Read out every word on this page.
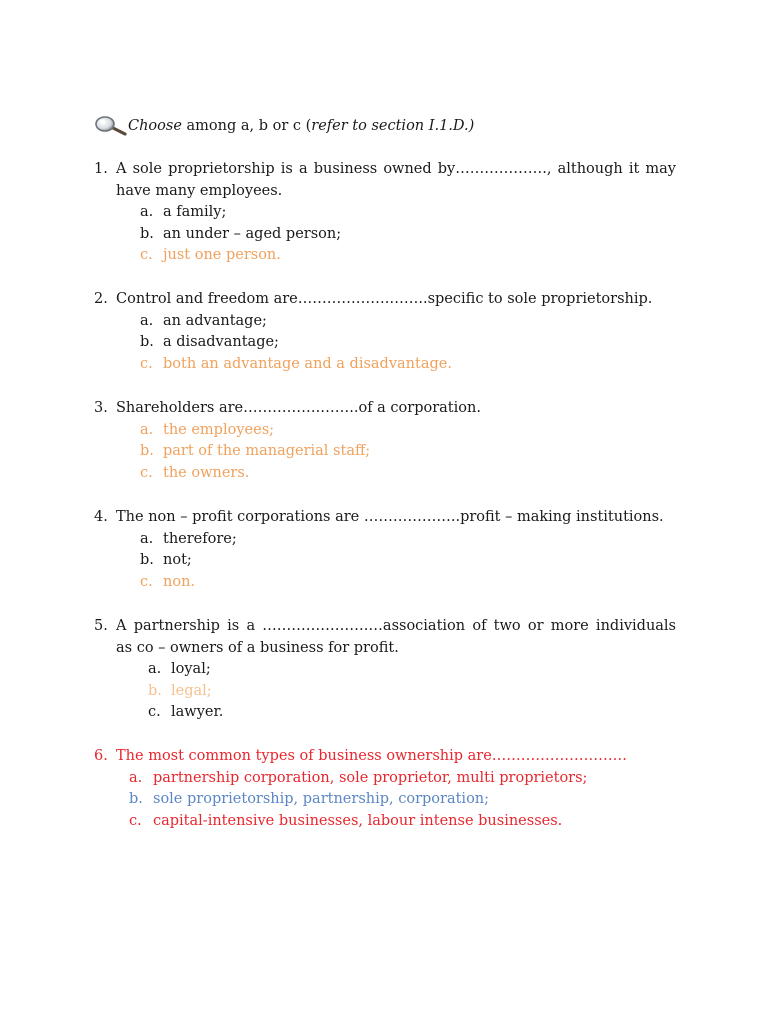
Choose among a, b or c (refer to section I.1.D.)
1. A sole proprietorship is a business owned by………………., although it may
have many employees.
a. a family;
b. an under – aged person;
c. just one person.
2. Control and freedom are……………….……..specific to sole proprietorship.
a. an advantage;
b. a disadvantage;
c. both an advantage and a disadvantage.
3. Shareholders are…………….……..of a corporation.
a. the employees;
b. part of the managerial staff;
c. the owners.
4. The non – profit corporations are ………………..profit – making institutions.
a. therefore;
b. not;
c. non.
5. A partnership is a ………………….…association of two or more individuals
as co – owners of a business for profit.
a. loyal;
b. legal;
c. lawyer.
6. The most common types of business ownership are……………………….
a. partnership corporation, sole proprietor, multi proprietors;
b. sole proprietorship, partnership, corporation;
c. capital-intensive businesses, labour intense businesses.
